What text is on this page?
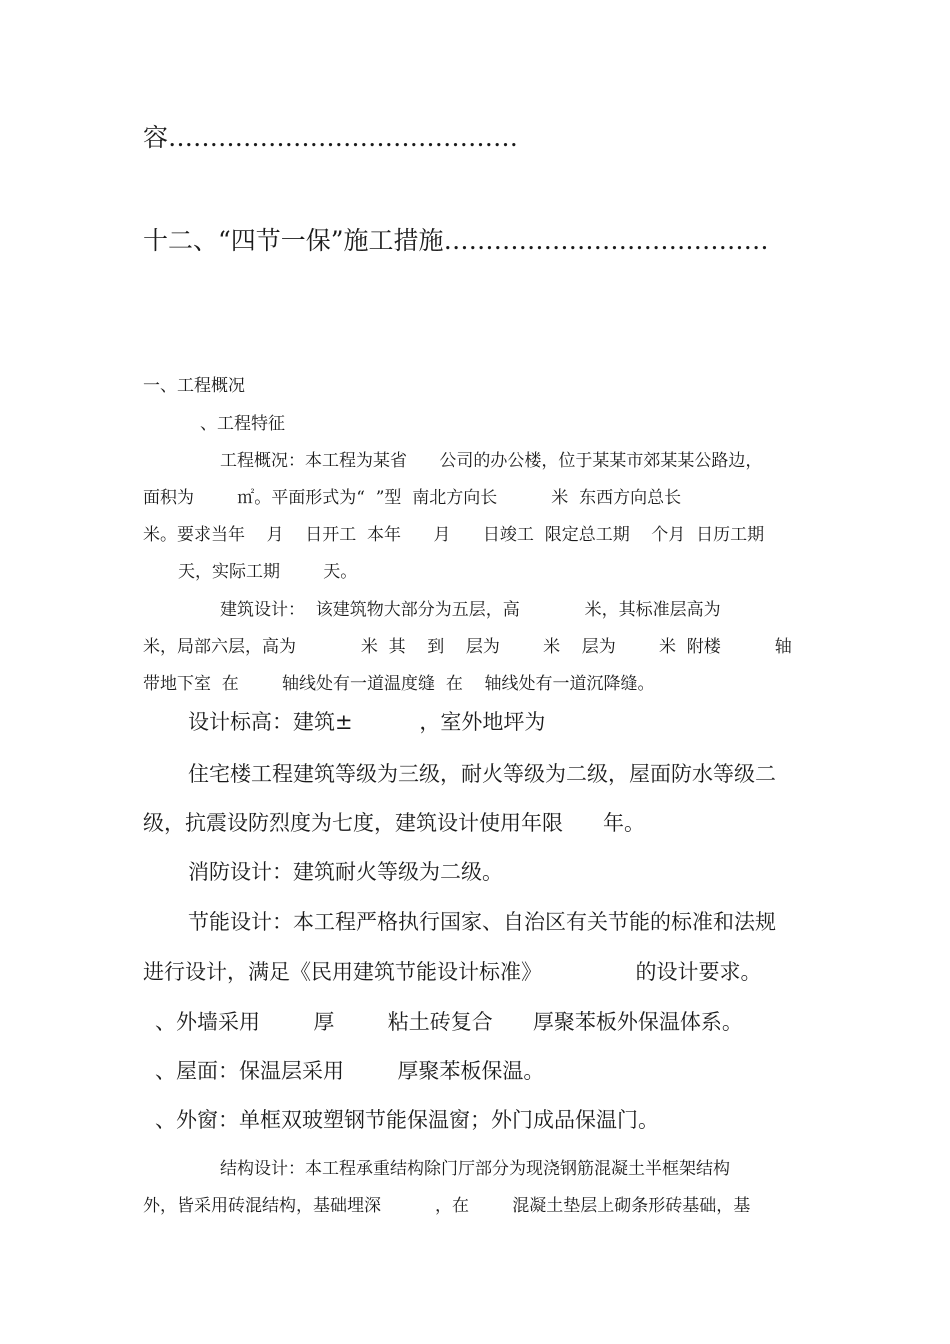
容……………………………………

十二、“四节一保”施工措施…………………………………

一、工程概况

、工程特征

工程概况：本工程为某省      公司的办公楼，位于某某市郊某某公路边，

面积为        ㎡。平面形式为“  ”型  南北方向长          米  东西方向总长

米。要求当年    月    日开工  本年      月      日竣工  限定总工期    个月  日历工期

天，实际工期        天。

建筑设计：  该建筑物大部分为五层，高            米，其标准层高为

米，局部六层，高为            米  其    到    层为        米    层为        米  附楼          轴

带地下室  在        轴线处有一道温度缝  在    轴线处有一道沉降缝。

设计标高：建筑±          ，室外地坪为

住宅楼工程建筑等级为三级，耐火等级为二级，屋面防水等级二

级，抗震设防烈度为七度，建筑设计使用年限      年。

消防设计：建筑耐火等级为二级。

节能设计：本工程严格执行国家、自治区有关节能的标准和法规

进行设计，满足《民用建筑节能设计标准》              的设计要求。

、外墙采用        厚        粘土砖复合      厚聚苯板外保温体系。

、屋面：保温层采用        厚聚苯板保温。

、外窗：单框双玻塑钢节能保温窗；外门成品保温门。

结构设计：本工程承重结构除门厅部分为现浇钢筋混凝土半框架结构

外，皆采用砖混结构，基础埋深          ，在        混凝土垫层上砌条形砖基础，基
